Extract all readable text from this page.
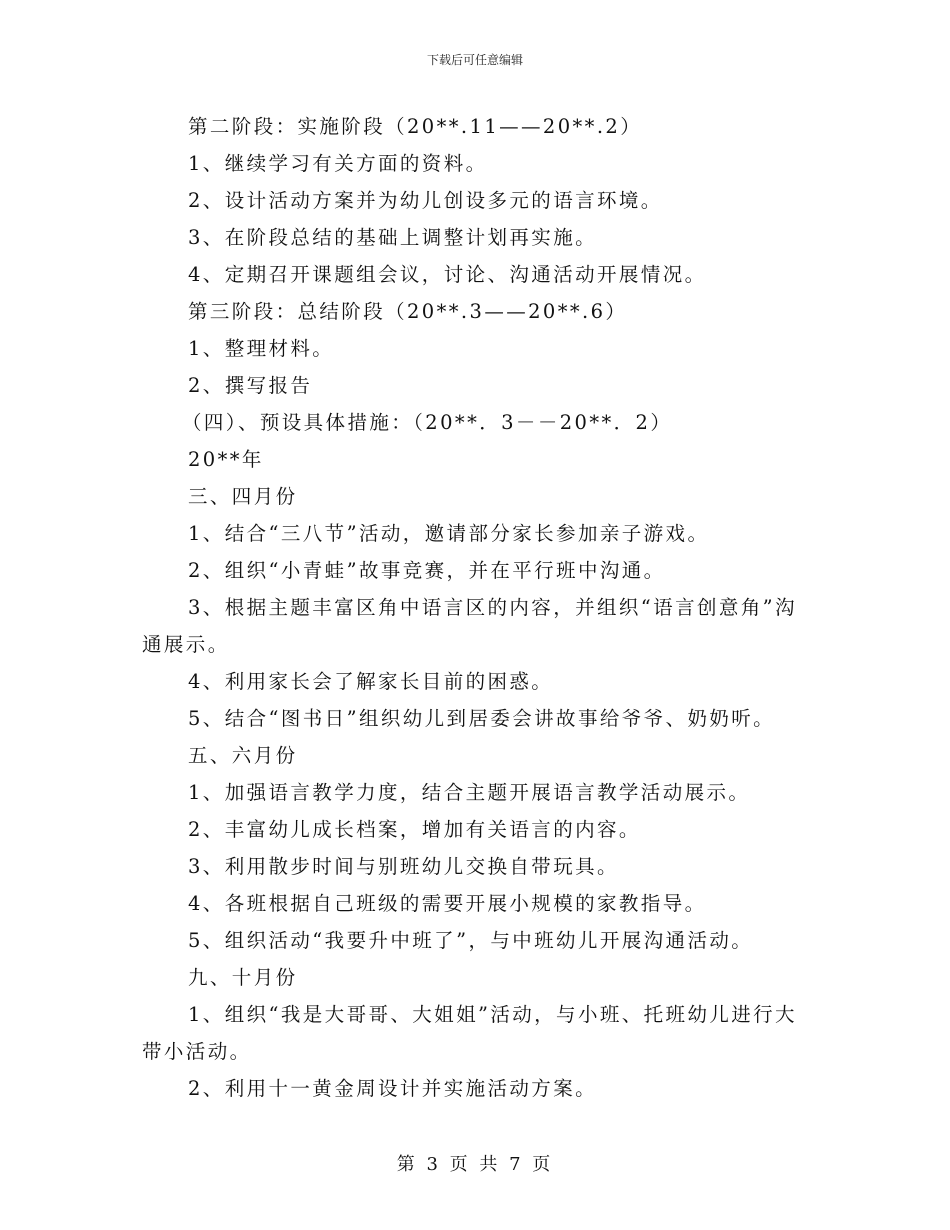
下载后可任意编辑
第二阶段：实施阶段（20**.11——20**.2）
1、继续学习有关方面的资料。
2、设计活动方案并为幼儿创设多元的语言环境。
3、在阶段总结的基础上调整计划再实施。
4、定期召开课题组会议，讨论、沟通活动开展情况。
第三阶段：总结阶段（20**.3——20**.6）
1、整理材料。
2、撰写报告
（四）、预设具体措施：（20**．3－－20**．2）
20**年
三、四月份
1、结合“三八节”活动，邀请部分家长参加亲子游戏。
2、组织“小青蛙”故事竞赛，并在平行班中沟通。
3、根据主题丰富区角中语言区的内容，并组织“语言创意角”沟通展示。
4、利用家长会了解家长目前的困惑。
5、结合“图书日”组织幼儿到居委会讲故事给爷爷、奶奶听。
五、六月份
1、加强语言教学力度，结合主题开展语言教学活动展示。
2、丰富幼儿成长档案，增加有关语言的内容。
3、利用散步时间与别班幼儿交换自带玩具。
4、各班根据自己班级的需要开展小规模的家教指导。
5、组织活动“我要升中班了”，与中班幼儿开展沟通活动。
九、十月份
1、组织“我是大哥哥、大姐姐”活动，与小班、托班幼儿进行大带小活动。
2、利用十一黄金周设计并实施活动方案。
第 3 页 共 7 页
